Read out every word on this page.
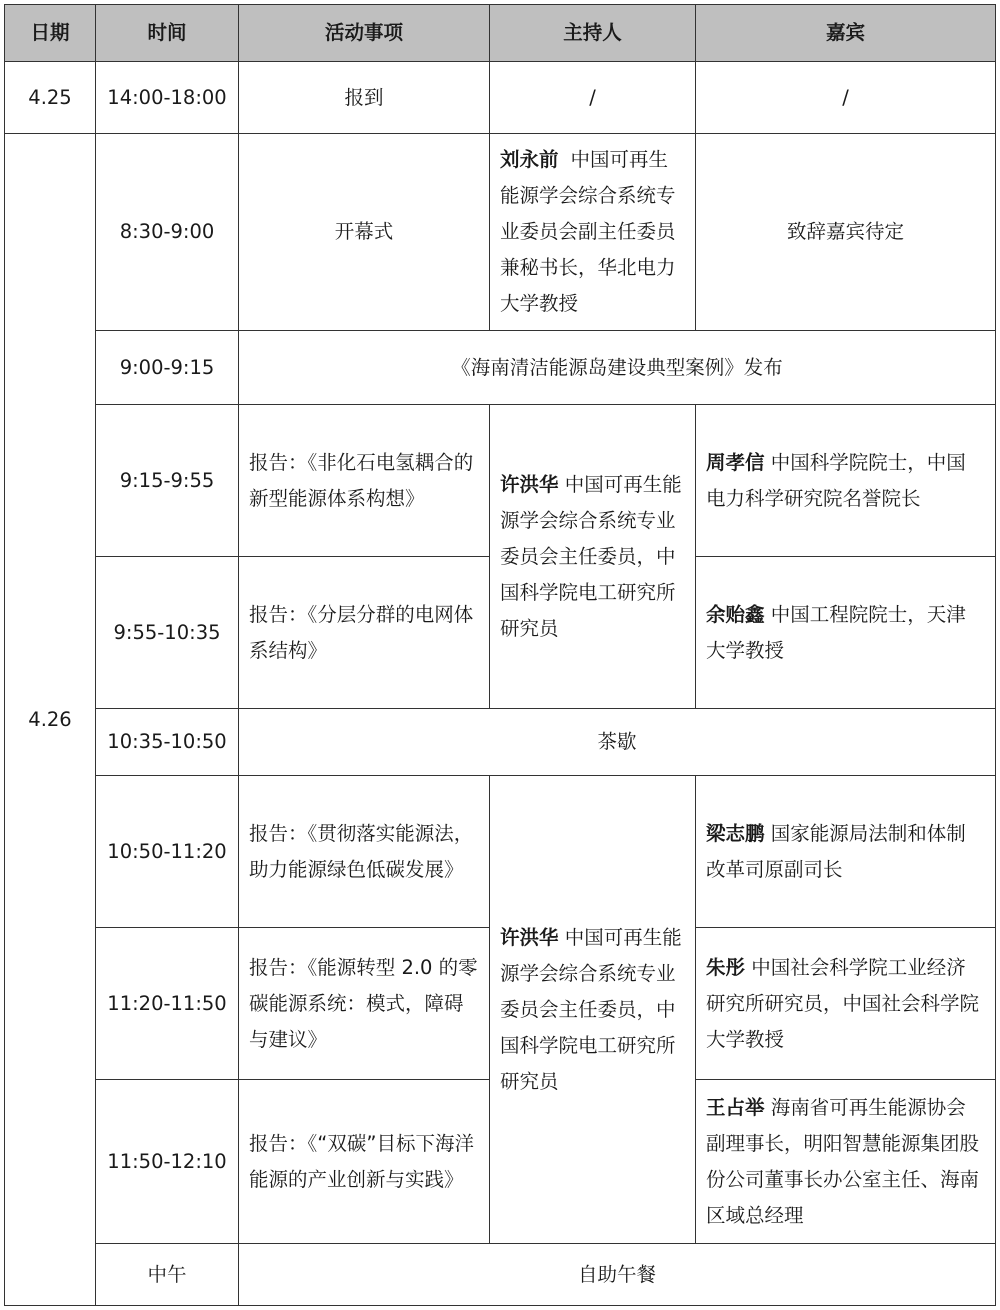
日期	时间	活动事项	主持人	嘉宾
4.25	14:00-18:00	报到	/	/
4.26	8:30-9:00	开幕式	刘永前 中国可再生能源学会综合系统专业委员会副主任委员兼秘书长，华北电力大学教授	致辞嘉宾待定
	9:00-9:15	《海南清洁能源岛建设典型案例》发布		
	9:15-9:55	报告：《非化石电氢耦合的新型能源体系构想》	许洪华 中国可再生能源学会综合系统专业委员会主任委员，中国科学院电工研究所研究员	周孝信 中国科学院院士，中国电力科学研究院名誉院长
	9:55-10:35	报告：《分层分群的电网体系结构》		余贻鑫 中国工程院院士，天津大学教授
	10:35-10:50	茶歇		
	10:50-11:20	报告：《贯彻落实能源法，助力能源绿色低碳发展》	许洪华 中国可再生能源学会综合系统专业委员会主任委员，中国科学院电工研究所研究员	梁志鹏 国家能源局法制和体制改革司原副司长
	11:20-11:50	报告：《能源转型 2.0 的零碳能源系统：模式，障碍与建议》		朱彤 中国社会科学院工业经济研究所研究员，中国社会科学院大学教授
	11:50-12:10	报告：《“双碳”目标下海洋能源的产业创新与实践》		王占举 海南省可再生能源协会副理事长，明阳智慧能源集团股份公司董事长办公室主任、海南区域总经理
	中午	自助午餐		
